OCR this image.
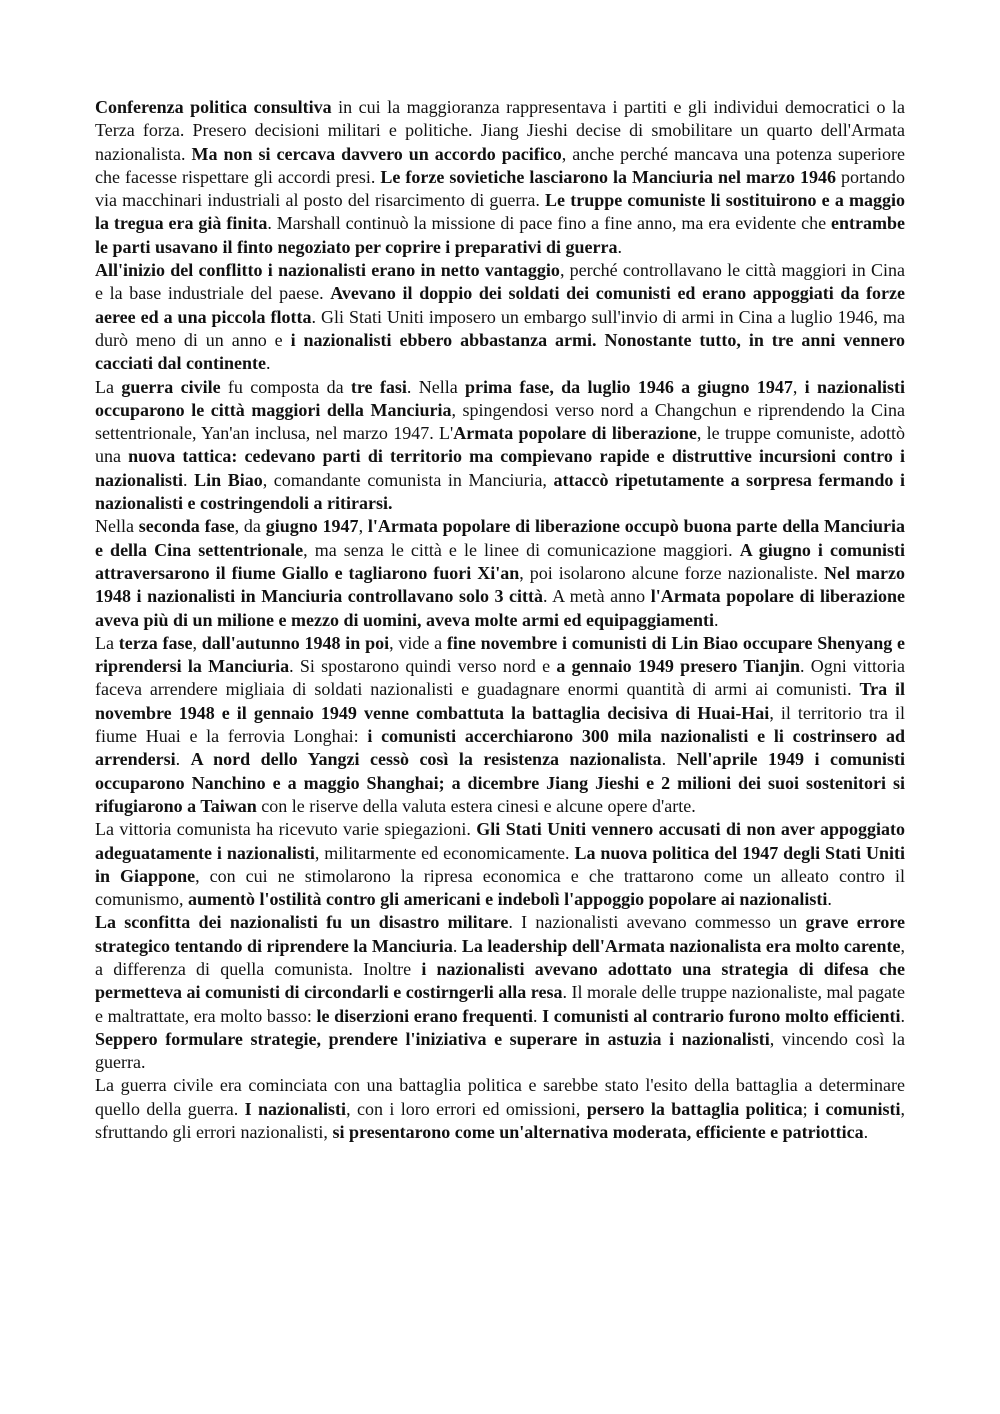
Conferenza politica consultiva in cui la maggioranza rappresentava i partiti e gli individui democratici o la Terza forza. Presero decisioni militari e politiche. Jiang Jieshi decise di smobilitare un quarto dell'Armata nazionalista. Ma non si cercava davvero un accordo pacifico, anche perché mancava una potenza superiore che facesse rispettare gli accordi presi. Le forze sovietiche lasciarono la Manciuria nel marzo 1946 portando via macchinari industriali al posto del risarcimento di guerra. Le truppe comuniste li sostituirono e a maggio la tregua era già finita. Marshall continuò la missione di pace fino a fine anno, ma era evidente che entrambe le parti usavano il finto negoziato per coprire i preparativi di guerra.

All'inizio del conflitto i nazionalisti erano in netto vantaggio, perché controllavano le città maggiori in Cina e la base industriale del paese. Avevano il doppio dei soldati dei comunisti ed erano appoggiati da forze aeree ed a una piccola flotta. Gli Stati Uniti imposero un embargo sull'invio di armi in Cina a luglio 1946, ma durò meno di un anno e i nazionalisti ebbero abbastanza armi. Nonostante tutto, in tre anni vennero cacciati dal continente.

La guerra civile fu composta da tre fasi. Nella prima fase, da luglio 1946 a giugno 1947, i nazionalisti occuparono le città maggiori della Manciuria, spingendosi verso nord a Changchun e riprendendo la Cina settentrionale, Yan'an inclusa, nel marzo 1947. L'Armata popolare di liberazione, le truppe comuniste, adottò una nuova tattica: cedevano parti di territorio ma compievano rapide e distruttive incursioni contro i nazionalisti. Lin Biao, comandante comunista in Manciuria, attaccò ripetutamente a sorpresa fermando i nazionalisti e costringendoli a ritirarsi.

Nella seconda fase, da giugno 1947, l'Armata popolare di liberazione occupò buona parte della Manciuria e della Cina settentrionale, ma senza le città e le linee di comunicazione maggiori. A giugno i comunisti attraversarono il fiume Giallo e tagliarono fuori Xi'an, poi isolarono alcune forze nazionaliste. Nel marzo 1948 i nazionalisti in Manciuria controllavano solo 3 città. A metà anno l'Armata popolare di liberazione aveva più di un milione e mezzo di uomini, aveva molte armi ed equipaggiamenti.

La terza fase, dall'autunno 1948 in poi, vide a fine novembre i comunisti di Lin Biao occupare Shenyang e riprendersi la Manciuria. Si spostarono quindi verso nord e a gennaio 1949 presero Tianjin. Ogni vittoria faceva arrendere migliaia di soldati nazionalisti e guadagnare enormi quantità di armi ai comunisti. Tra il novembre 1948 e il gennaio 1949 venne combattuta la battaglia decisiva di Huai-Hai, il territorio tra il fiume Huai e la ferrovia Longhai: i comunisti accerchiarono 300 mila nazionalisti e li costrinsero ad arrendersi. A nord dello Yangzi cessò così la resistenza nazionalista. Nell'aprile 1949 i comunisti occuparono Nanchino e a maggio Shanghai; a dicembre Jiang Jieshi e 2 milioni dei suoi sostenitori si rifugiarono a Taiwan con le riserve della valuta estera cinesi e alcune opere d'arte.

La vittoria comunista ha ricevuto varie spiegazioni. Gli Stati Uniti vennero accusati di non aver appoggiato adeguatamente i nazionalisti, militarmente ed economicamente. La nuova politica del 1947 degli Stati Uniti in Giappone, con cui ne stimolarono la ripresa economica e che trattarono come un alleato contro il comunismo, aumentò l'ostilità contro gli americani e indebolì l'appoggio popolare ai nazionalisti.

La sconfitta dei nazionalisti fu un disastro militare. I nazionalisti avevano commesso un grave errore strategico tentando di riprendere la Manciuria. La leadership dell'Armata nazionalista era molto carente, a differenza di quella comunista. Inoltre i nazionalisti avevano adottato una strategia di difesa che permetteva ai comunisti di circondarli e costirngerli alla resa. Il morale delle truppe nazionaliste, mal pagate e maltrattate, era molto basso: le diserzioni erano frequenti. I comunisti al contrario furono molto efficienti. Seppero formulare strategie, prendere l'iniziativa e superare in astuzia i nazionalisti, vincendo così la guerra.

La guerra civile era cominciata con una battaglia politica e sarebbe stato l'esito della battaglia a determinare quello della guerra. I nazionalisti, con i loro errori ed omissioni, persero la battaglia politica; i comunisti, sfruttando gli errori nazionalisti, si presentarono come un'alternativa moderata, efficiente e patriottica.
